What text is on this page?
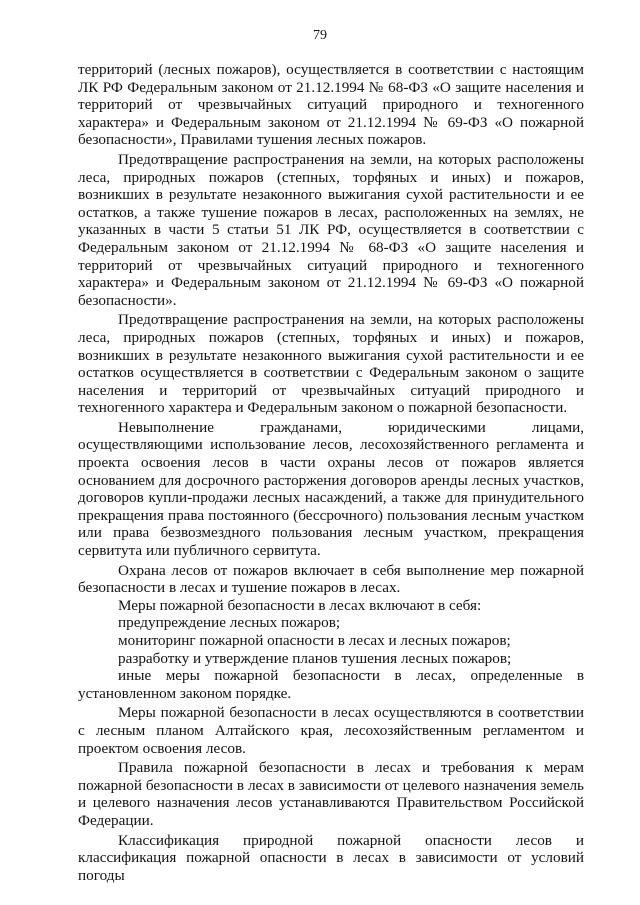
79

территорий (лесных пожаров), осуществляется в соответствии с настоящим ЛК РФ Федеральным законом от 21.12.1994 № 68-ФЗ «О защите населения и территорий от чрезвычайных ситуаций природного и техногенного характера» и Федеральным законом от 21.12.1994 № 69-ФЗ «О пожарной безопасности», Правилами тушения лесных пожаров.

Предотвращение распространения на земли, на которых расположены леса, природных пожаров (степных, торфяных и иных) и пожаров, возникших в результате незаконного выжигания сухой растительности и ее остатков, а также тушение пожаров в лесах, расположенных на землях, не указанных в части 5 статьи 51 ЛК РФ, осуществляется в соответствии с Федеральным законом от 21.12.1994 № 68-ФЗ «О защите населения и территорий от чрезвычайных ситуаций природного и техногенного характера» и Федеральным законом от 21.12.1994 № 69-ФЗ «О пожарной безопасности».

Предотвращение распространения на земли, на которых расположены леса, природных пожаров (степных, торфяных и иных) и пожаров, возникших в результате незаконного выжигания сухой растительности и ее остатков осуществляется в соответствии с Федеральным законом о защите населения и территорий от чрезвычайных ситуаций природного и техногенного характера и Федеральным законом о пожарной безопасности.

Невыполнение гражданами, юридическими лицами, осуществляющими использование лесов, лесохозяйственного регламента и проекта освоения лесов в части охраны лесов от пожаров является основанием для досрочного расторжения договоров аренды лесных участков, договоров купли-продажи лесных насаждений, а также для принудительного прекращения права постоянного (бессрочного) пользования лесным участком или права безвозмездного пользования лесным участком, прекращения сервитута или публичного сервитута.

Охрана лесов от пожаров включает в себя выполнение мер пожарной безопасности в лесах и тушение пожаров в лесах.

Меры пожарной безопасности в лесах включают в себя:

предупреждение лесных пожаров;

мониторинг пожарной опасности в лесах и лесных пожаров;

разработку и утверждение планов тушения лесных пожаров;

иные меры пожарной безопасности в лесах, определенные в установленном законом порядке.

Меры пожарной безопасности в лесах осуществляются в соответствии с лесным планом Алтайского края, лесохозяйственным регламентом и проектом освоения лесов.

Правила пожарной безопасности в лесах и требования к мерам пожарной безопасности в лесах в зависимости от целевого назначения земель и целевого назначения лесов устанавливаются Правительством Российской Федерации.

Классификация природной пожарной опасности лесов и классификация пожарной опасности в лесах в зависимости от условий погоды
